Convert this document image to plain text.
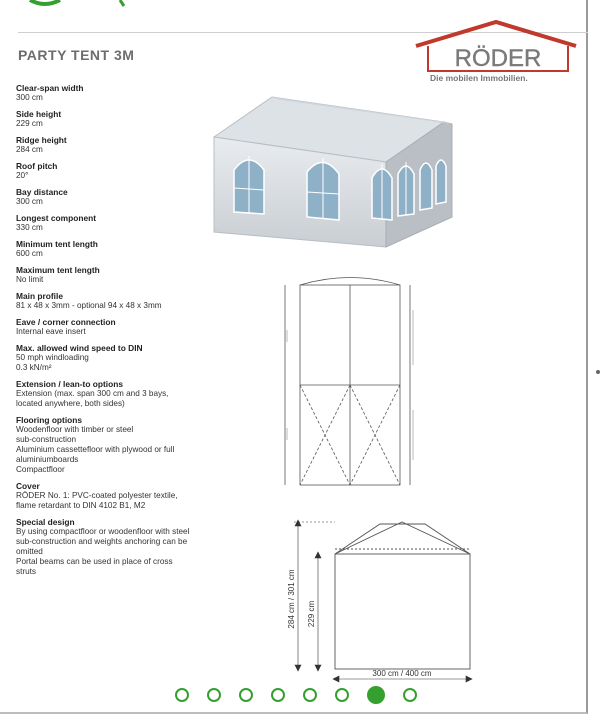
PARTY TENT 3M	RÖDER
Die mobilen Immobilien.
Clear-span width
300 cm
Side height
229 cm
Ridge height
284 cm
Roof pitch
20°
Bay distance
300 cm
Longest component
330 cm
Minimum tent length
600 cm
Maximum tent length
No limit
Main profile
81 x 48 x 3mm - optional 94 x 48 x 3mm
Eave / corner connection
Internal eave insert
Max. allowed wind speed to DIN
50 mph windloading
0.3 kN/m²
Extension / lean-to options
Extension (max. span 300 cm and 3 bays,
located anywhere, both sides)
Flooring options
Woodenfloor with timber or steel
sub-construction
Aluminium cassettefloor with plywood or full
aluminiumboards
Compactfloor
Cover
RÖDER No. 1: PVC-coated polyester textile,
flame retardant to DIN 4102 B1, M2
Special design
By using compactfloor or woodenfloor with steel
sub-construction and weights anchoring can be
omitted
Portal beams can be used in place of cross
struts	284 cm / 301 cm 229 cm
300 cm / 400 cm
